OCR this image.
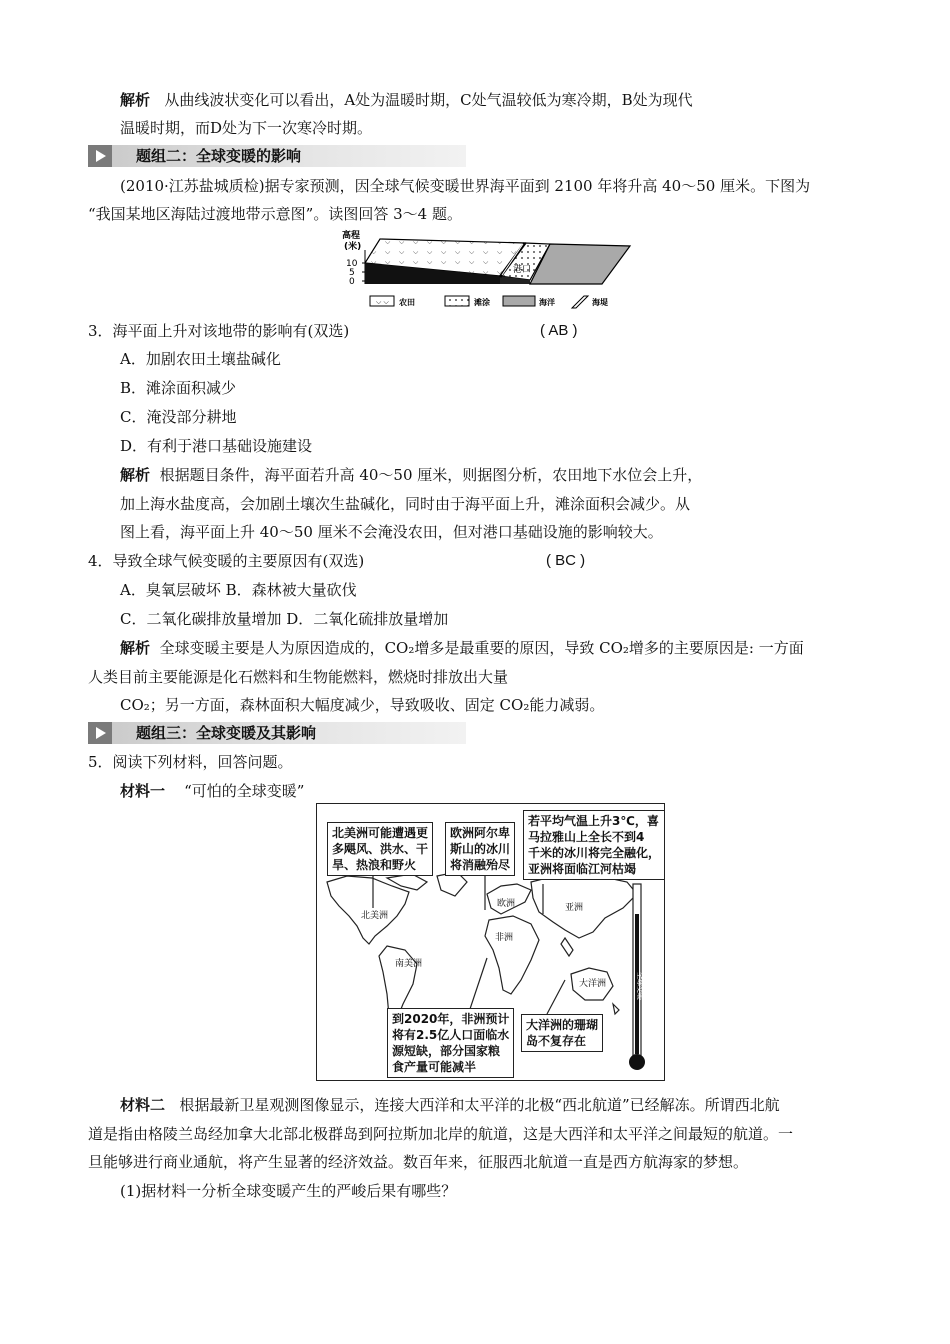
解析 从曲线波状变化可以看出，A处为温暖时期，C处气温较低为寒冷期，B处为现代
温暖时期，而D处为下一次寒冷时期。
题组二：全球变暖的影响
(2010·江苏盐城质检)据专家预测，因全球气候变暖世界海平面到 2100 年将升高 40～50 厘米。下图为
“我国某地区海陆过渡地带示意图”。读图回答 3～4 题。
高程
(米)
10
5
0
港口
⌵ ⌵ 农田	滩涂	海洋	海堤
3．海平面上升对该地带的影响有(双选)	( AB )
A．加剧农田土壤盐碱化
B．滩涂面积减少
C．淹没部分耕地
D．有利于港口基础设施建设
解析 根据题目条件，海平面若升高 40～50 厘米，则据图分析，农田地下水位会上升，
加上海水盐度高，会加剧土壤次生盐碱化，同时由于海平面上升，滩涂面积会减少。从
图上看，海平面上升 40～50 厘米不会淹没农田，但对港口基础设施的影响较大。
4．导致全球气候变暖的主要原因有(双选)	( BC )
A．臭氧层破坏 B．森林被大量砍伐
C．二氧化碳排放量增加 D．二氧化硫排放量增加
解析 全球变暖主要是人为原因造成的，CO₂增多是最重要的原因，导致 CO₂增多的主要原因是: 一方面
人类目前主要能源是化石燃料和生物能燃料，燃烧时排放出大量
CO₂；另一方面，森林面积大幅度减少，导致吸收、固定 CO₂能力减弱。
题组三：全球变暖及其影响
5．阅读下列材料，回答问题。
材料一 “可怕的全球变暖”
全球变暖
北美洲
南美洲
欧洲
非洲
亚洲
大洋洲
北美洲可能遭遇更
多飓风、洪水、干
旱、热浪和野火
欧洲阿尔卑
斯山的冰川
将消融殆尽
若平均气温上升3℃，喜
马拉雅山上全长不到4
千米的冰川将完全融化，
亚洲将面临江河枯竭
到2020年，非洲预计
将有2.5亿人口面临水
源短缺，部分国家粮
食产量可能减半
大洋洲的珊瑚
岛不复存在
材料二 根据最新卫星观测图像显示，连接大西洋和太平洋的北极“西北航道”已经解冻。所谓西北航
道是指由格陵兰岛经加拿大北部北极群岛到阿拉斯加北岸的航道，这是大西洋和太平洋之间最短的航道。一
旦能够进行商业通航，将产生显著的经济效益。数百年来，征服西北航道一直是西方航海家的梦想。
(1)据材料一分析全球变暖产生的严峻后果有哪些？
